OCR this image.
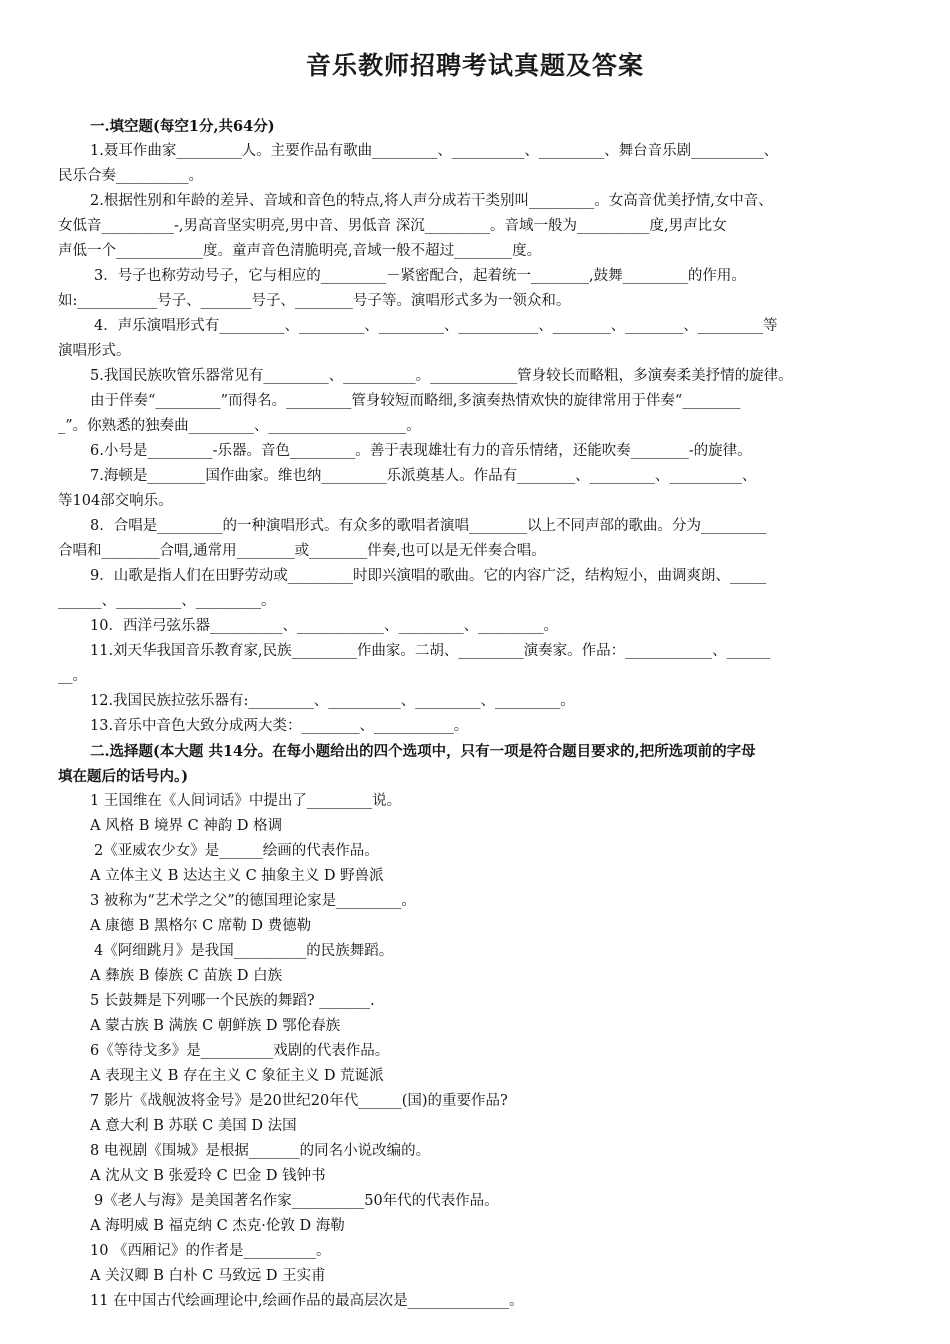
音乐教师招聘考试真题及答案
一.填空题(每空1分,共64分)
1.聂耳作曲家_________人。主要作品有歌曲_________、__________、_________、舞台音乐剧__________、
民乐合奏__________。
2.根据性别和年龄的差异、音域和音色的特点,将人声分成若干类别叫_________。女高音优美抒情,女中音、
女低音__________-,男高音坚实明亮,男中音、男低音 深沉_________。音域一般为__________度,男声比女
声低一个____________度。童声音色清脆明亮,音域一般不超过________度。
3．号子也称劳动号子，它与相应的_________－紧密配合，起着统一________,鼓舞_________的作用。
如:___________号子、_______号子、________号子等。演唱形式多为一领众和。
4．声乐演唱形式有_________、_________、_________、___________、________、________、_________等
演唱形式。
5.我国民族吹管乐器常见有_________、__________。____________管身较长而略粗，多演奏柔美抒情的旋律。
由于伴奏“_________”而得名。_________管身较短而略细,多演奏热情欢快的旋律常用于伴奏“________
_”。你熟悉的独奏曲_________、___________________。
6.小号是_________-乐器。音色_________。善于表现雄壮有力的音乐情绪，还能吹奏________-的旋律。
7.海顿是________国作曲家。维也纳_________乐派奠基人。作品有________、_________、__________、
等104部交响乐。
8．合唱是_________的一种演唱形式。有众多的歌唱者演唱________以上不同声部的歌曲。分为_________
合唱和________合唱,通常用________或________伴奏,也可以是无伴奏合唱。
9．山歌是指人们在田野劳动或_________时即兴演唱的歌曲。它的内容广泛，结构短小，曲调爽朗、_____
______、_________、_________。
10．西洋弓弦乐器__________、____________、_________、_________。
11.刘天华我国音乐教育家,民族_________作曲家。二胡、_________演奏家。作品：____________、______
__。
12.我国民族拉弦乐器有:_________、__________、_________、_________。
13.音乐中音色大致分成两大类：________、___________。
二.选择题(本大题 共14分。在每小题给出的四个选项中，只有一项是符合题目要求的,把所选项前的字母
填在题后的话号内。)
1 王国维在《人间词话》中提出了_________说。
A 风格 B 境界 C 神韵 D 格调
2《亚威农少女》是______绘画的代表作品。
A 立体主义 B 达达主义 C 抽象主义 D 野兽派
3 被称为“艺术学之父”的德国理论家是_________。
A 康德 B 黑格尔 C 席勒 D 费德勒
4《阿细跳月》是我国__________的民族舞蹈。
A 彝族 B 傣族 C 苗族 D 白族
5 长鼓舞是下列哪一个民族的舞蹈? _______.
A 蒙古族 B 满族 C 朝鲜族 D 鄂伦春族
6《等待戈多》是__________戏剧的代表作品。
A 表现主义 B 存在主义 C 象征主义 D 荒诞派
7 影片《战舰波将金号》是20世纪20年代______(国)的重要作品?
A 意大利 B 苏联 C 美国 D 法国
8 电视剧《围城》是根据_______的同名小说改编的。
A 沈从文 B 张爱玲 C 巴金 D 钱钟书
9《老人与海》是美国著名作家__________50年代的代表作品。
A 海明威 B 福克纳 C 杰克·伦敦 D 海勒
10 《西厢记》的作者是__________。
A 关汉卿 B 白朴 C 马致远 D 王实甫
11 在中国古代绘画理论中,绘画作品的最高层次是______________。
